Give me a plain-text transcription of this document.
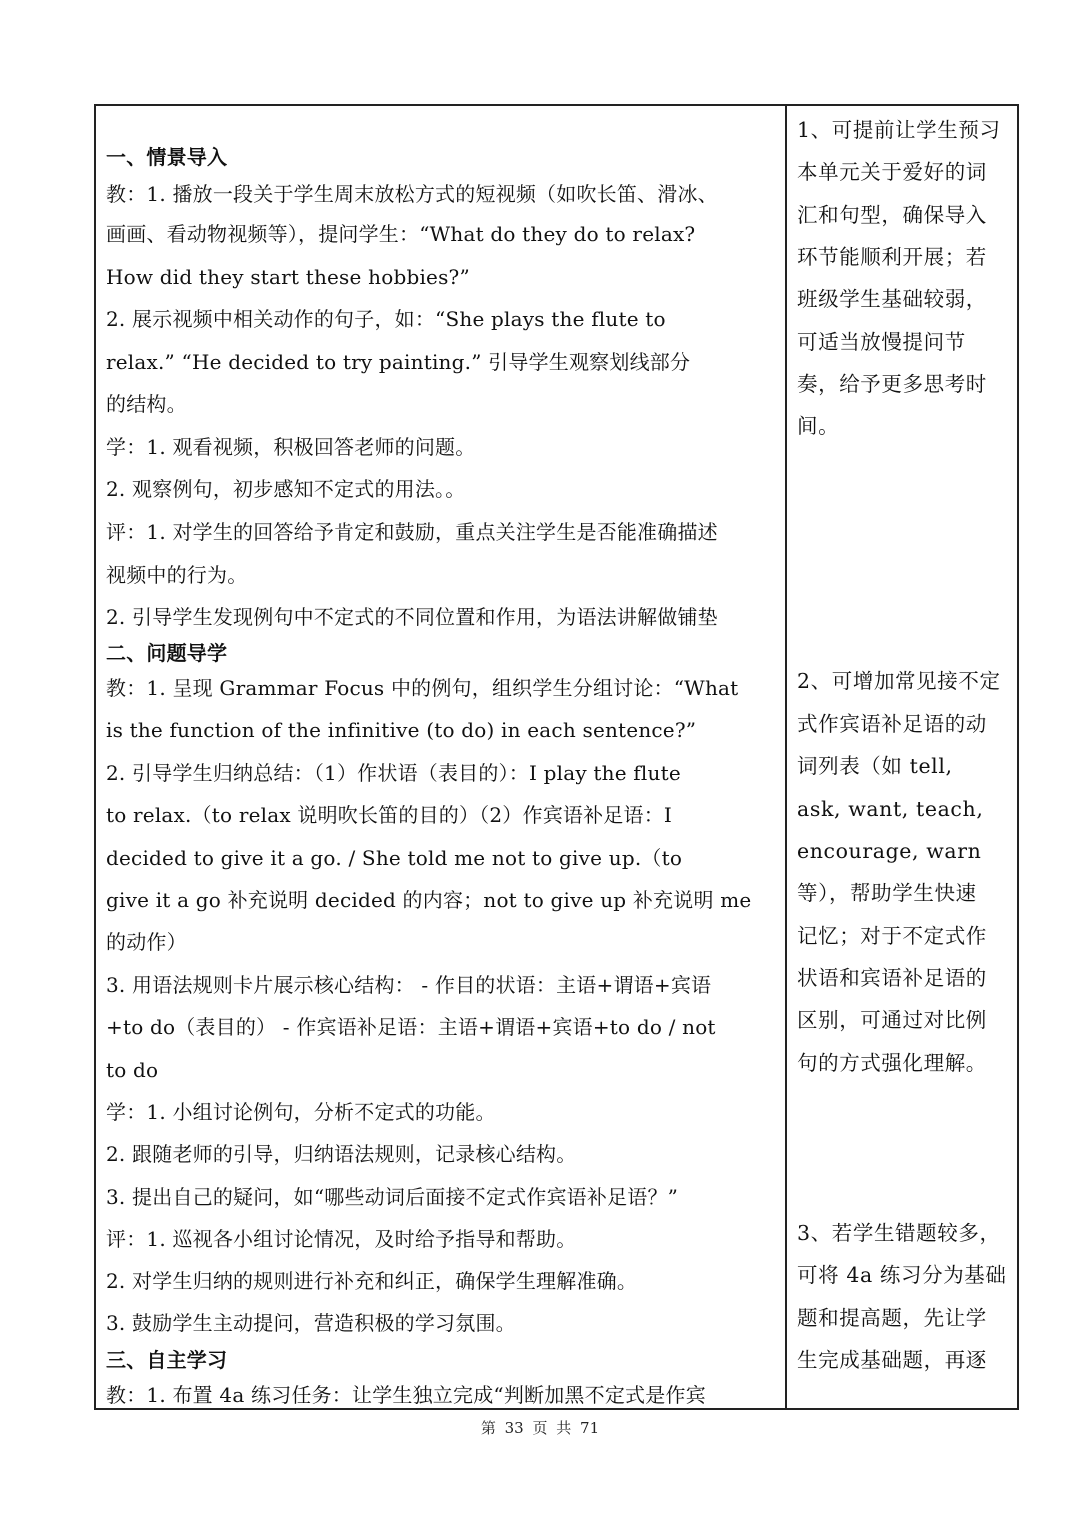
一、情景导入
教：1. 播放一段关于学生周末放松方式的短视频（如吹长笛、滑冰、
画画、看动物视频等），提问学生：“What do they do to relax?
How did they start these hobbies?”
2. 展示视频中相关动作的句子，如：“She plays the flute to
relax.” “He decided to try painting.” 引导学生观察划线部分
的结构。
学：1. 观看视频，积极回答老师的问题。
2. 观察例句，初步感知不定式的用法。。
评：1. 对学生的回答给予肯定和鼓励，重点关注学生是否能准确描述
视频中的行为。
2. 引导学生发现例句中不定式的不同位置和作用，为语法讲解做铺垫
二、问题导学
教：1. 呈现 Grammar Focus 中的例句，组织学生分组讨论：“What
is the function of the infinitive (to do) in each sentence?”
2. 引导学生归纳总结：（1）作状语（表目的）：I play the flute
to relax.（to relax 说明吹长笛的目的）（2）作宾语补足语：I
decided to give it a go. / She told me not to give up.（to
give it a go 补充说明 decided 的内容；not to give up 补充说明 me
的动作）
3. 用语法规则卡片展示核心结构： - 作目的状语：主语+谓语+宾语
+to do（表目的） - 作宾语补足语：主语+谓语+宾语+to do / not
to do
学：1. 小组讨论例句，分析不定式的功能。
2. 跟随老师的引导，归纳语法规则，记录核心结构。
3. 提出自己的疑问，如“哪些动词后面接不定式作宾语补足语？”
评：1. 巡视各小组讨论情况，及时给予指导和帮助。
2. 对学生归纳的规则进行补充和纠正，确保学生理解准确。
3. 鼓励学生主动提问，营造积极的学习氛围。
三、自主学习
教：1. 布置 4a 练习任务：让学生独立完成“判断加黑不定式是作宾
1、可提前让学生预习
本单元关于爱好的词
汇和句型，确保导入
环节能顺利开展；若
班级学生基础较弱，
可适当放慢提问节
奏，给予更多思考时
间。
2、可增加常见接不定
式作宾语补足语的动
词列表（如 tell,
ask, want, teach,
encourage, warn
等），帮助学生快速
记忆；对于不定式作
状语和宾语补足语的
区别，可通过对比例
句的方式强化理解。
3、若学生错题较多，
可将 4a 练习分为基础
题和提高题，先让学
生完成基础题，再逐
第 33 页 共 71
